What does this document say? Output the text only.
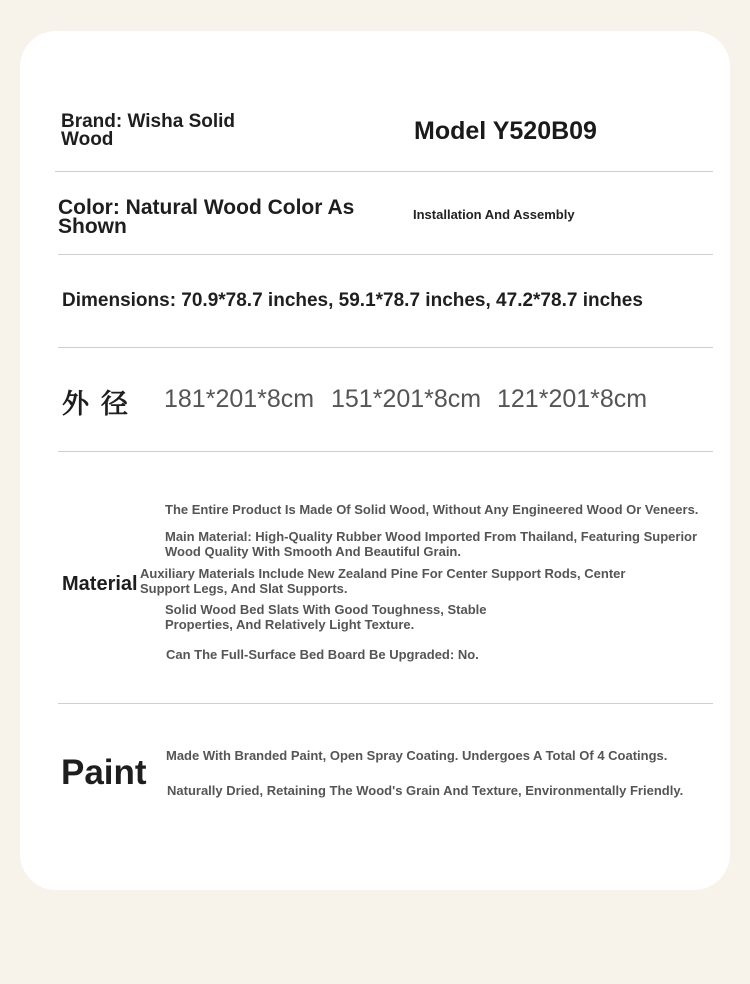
Brand: Wisha Solid Wood	Model Y520B09
Color: Natural Wood Color As Shown
Installation And Assembly
Dimensions: 70.9*78.7 inches, 59.1*78.7 inches, 47.2*78.7 inches
外径 181*201*8cm 151*201*8cm 121*201*8cm
Material
The Entire Product Is Made Of Solid Wood, Without Any Engineered Wood Or Veneers.
Main Material: High-Quality Rubber Wood Imported From Thailand, Featuring Superior Wood Quality With Smooth And Beautiful Grain.
Auxiliary Materials Include New Zealand Pine For Center Support Rods, Center Support Legs, And Slat Supports.
Solid Wood Bed Slats With Good Toughness, Stable Properties, And Relatively Light Texture.
Can The Full-Surface Bed Board Be Upgraded: No.
Paint Made With Branded Paint, Open Spray Coating. Undergoes A Total Of 4 Coatings.
Naturally Dried, Retaining The Wood's Grain And Texture, Environmentally Friendly.
